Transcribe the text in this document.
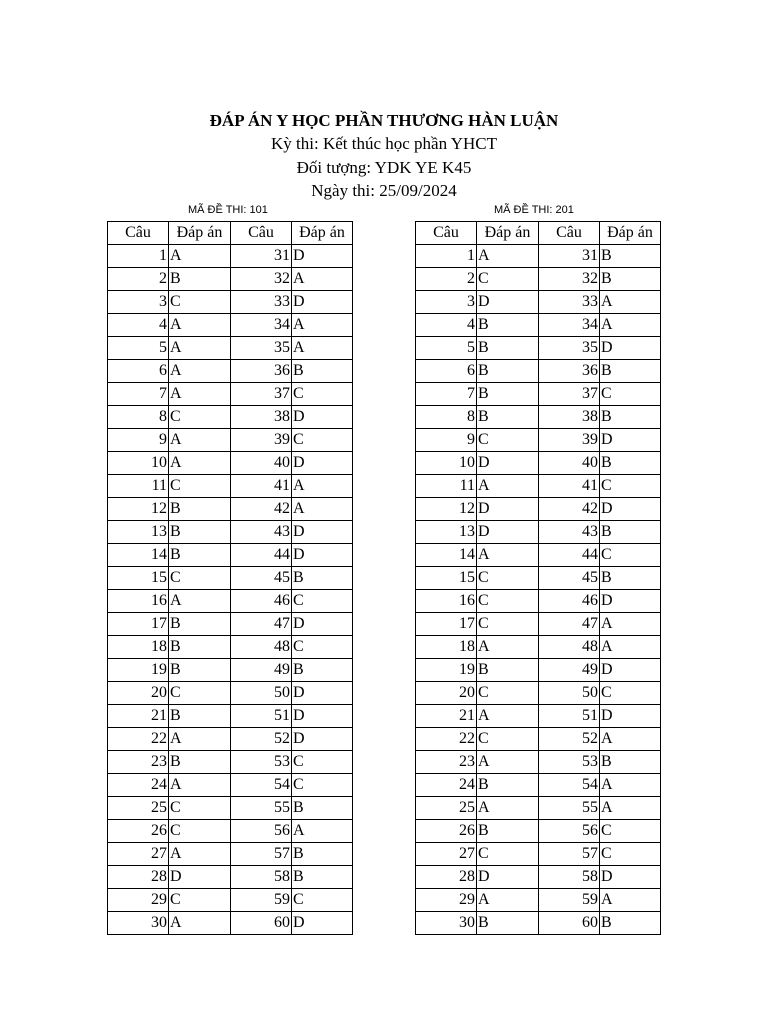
ĐÁP ÁN Y HỌC PHẦN THƯƠNG HÀN LUẬN
Kỳ thi: Kết thúc học phần YHCT
Đối tượng: YDK YE K45
Ngày thi: 25/09/2024
MÃ ĐỀ THI: 101	MÃ ĐỀ THI: 201
Câu	Đáp án	Câu	Đáp án
1	A	31	D
2	B	32	A
3	C	33	D
4	A	34	A
5	A	35	A
6	A	36	B
7	A	37	C
8	C	38	D
9	A	39	C
10	A	40	D
11	C	41	A
12	B	42	A
13	B	43	D
14	B	44	D
15	C	45	B
16	A	46	C
17	B	47	D
18	B	48	C
19	B	49	B
20	C	50	D
21	B	51	D
22	A	52	D
23	B	53	C
24	A	54	C
25	C	55	B
26	C	56	A
27	A	57	B
28	D	58	B
29	C	59	C
30	A	60	D
Câu	Đáp án	Câu	Đáp án
1	A	31	B
2	C	32	B
3	D	33	A
4	B	34	A
5	B	35	D
6	B	36	B
7	B	37	C
8	B	38	B
9	C	39	D
10	D	40	B
11	A	41	C
12	D	42	D
13	D	43	B
14	A	44	C
15	C	45	B
16	C	46	D
17	C	47	A
18	A	48	A
19	B	49	D
20	C	50	C
21	A	51	D
22	C	52	A
23	A	53	B
24	B	54	A
25	A	55	A
26	B	56	C
27	C	57	C
28	D	58	D
29	A	59	A
30	B	60	B
